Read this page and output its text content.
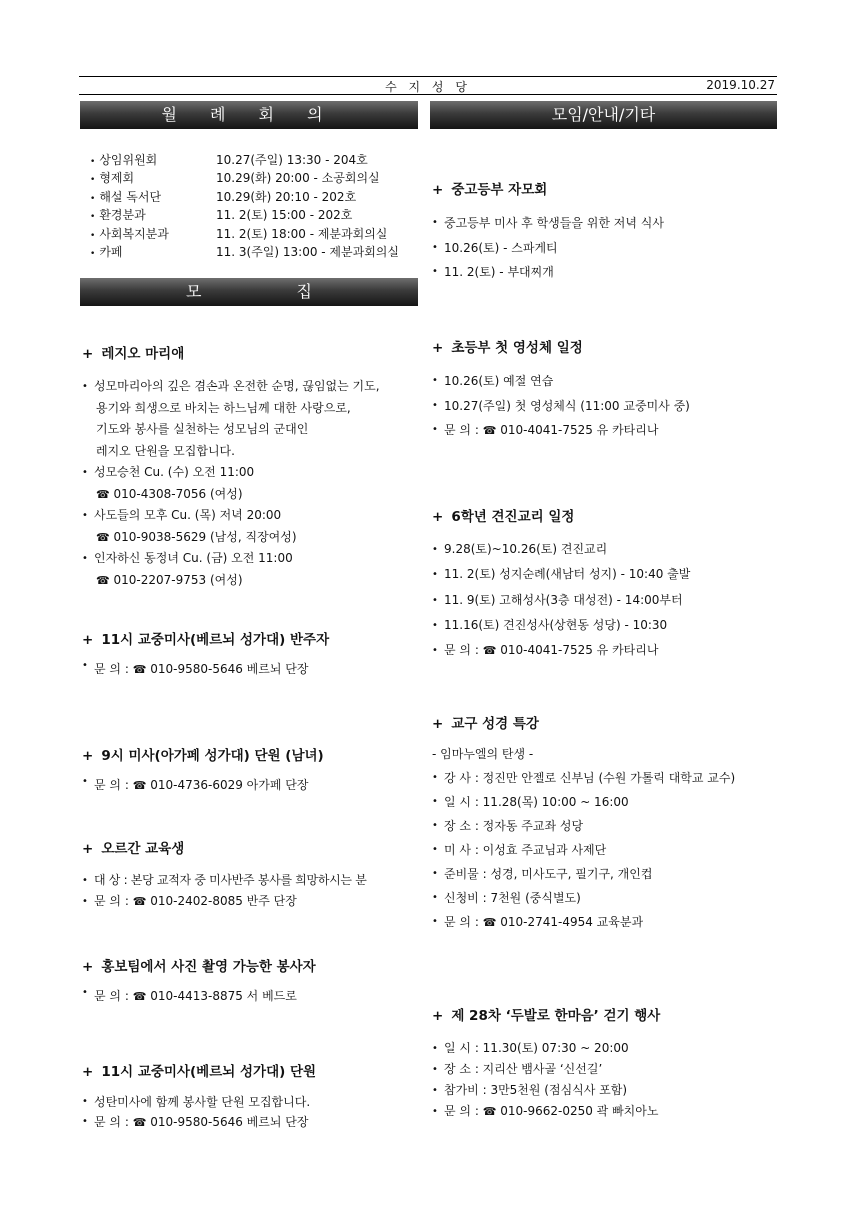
수 지 성 당	2019.10.27
월 례 회 의	모임/안내/기타
모 집
• 상임위원회	10.27(주일) 13:30 - 204호
• 형제회	10.29(화) 20:00 - 소공회의실
• 해설 독서단	10.29(화) 20:10 - 202호
• 환경분과	11. 2(토) 15:00 - 202호
• 사회복지분과	11. 2(토) 18:00 - 제분과회의실
• 카페	11. 3(주일) 13:00 - 제분과회의실
+ 레지오 마리애
• 성모마리아의 깊은 겸손과 온전한 순명, 끊임없는 기도,
용기와 희생으로 바치는 하느님께 대한 사랑으로,
기도와 봉사를 실천하는 성모님의 군대인
레지오 단원을 모집합니다.
• 성모승천 Cu. (수) 오전 11:00
☎ 010-4308-7056 (여성)
• 사도들의 모후 Cu. (목) 저녁 20:00
☎ 010-9038-5629 (남성, 직장여성)
• 인자하신 동정녀 Cu. (금) 오전 11:00
☎ 010-2207-9753 (여성)
+ 11시 교중미사(베르뇌 성가대) 반주자
• 문 의 : ☎ 010-9580-5646 베르뇌 단장
+ 9시 미사(아가페 성가대) 단원 (남녀)
• 문 의 : ☎ 010-4736-6029 아가페 단장
+ 오르간 교육생
• 대 상 : 본당 교적자 중 미사반주 봉사를 희망하시는 분
• 문 의 : ☎ 010-2402-8085 반주 단장
+ 홍보팀에서 사진 촬영 가능한 봉사자
• 문 의 : ☎ 010-4413-8875 서 베드로
+ 11시 교중미사(베르뇌 성가대) 단원
• 성탄미사에 함께 봉사할 단원 모집합니다.
• 문 의 : ☎ 010-9580-5646 베르뇌 단장
+ 중고등부 자모회
• 중고등부 미사 후 학생들을 위한 저녁 식사
• 10.26(토) - 스파게티
• 11. 2(토) - 부대찌개
+ 초등부 첫 영성체 일정
• 10.26(토) 예절 연습
• 10.27(주일) 첫 영성체식 (11:00 교중미사 중)
• 문 의 : ☎ 010-4041-7525 유 카타리나
+ 6학년 견진교리 일정
• 9.28(토)~10.26(토) 견진교리
• 11. 2(토) 성지순례(새남터 성지) - 10:40 출발
• 11. 9(토) 고해성사(3층 대성전) - 14:00부터
• 11.16(토) 견진성사(상현동 성당) - 10:30
• 문 의 : ☎ 010-4041-7525 유 카타리나
+ 교구 성경 특강
- 임마누엘의 탄생 -
• 강 사 : 정진만 안젤로 신부님 (수원 가톨릭 대학교 교수)
• 일 시 : 11.28(목) 10:00 ~ 16:00
• 장 소 : 정자동 주교좌 성당
• 미 사 : 이성효 주교님과 사제단
• 준비물 : 성경, 미사도구, 필기구, 개인컵
• 신청비 : 7천원 (중식별도)
• 문 의 : ☎ 010-2741-4954 교육분과
+ 제 28차 ‘두발로 한마음’ 걷기 행사
• 일 시 : 11.30(토) 07:30 ~ 20:00
• 장 소 : 지리산 뱀사골 ‘신선길’
• 참가비 : 3만5천원 (점심식사 포함)
• 문 의 : ☎ 010-9662-0250 곽 빠치아노
